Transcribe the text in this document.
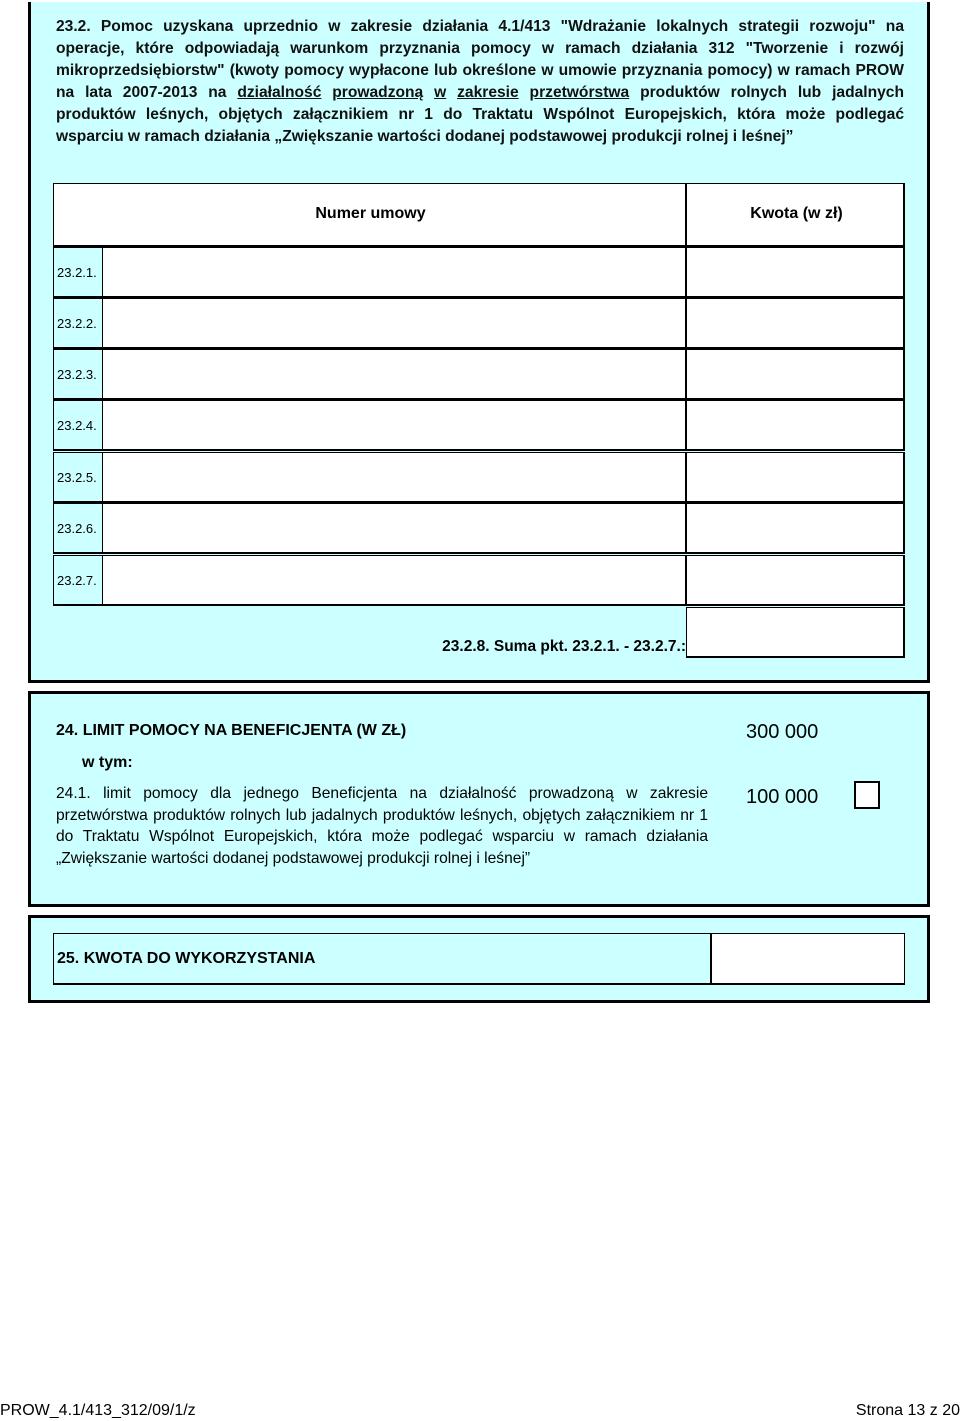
23.2. Pomoc uzyskana uprzednio w zakresie działania 4.1/413 "Wdrażanie lokalnych strategii rozwoju" na operacje, które odpowiadają warunkom przyznania pomocy w ramach działania 312 "Tworzenie i rozwój mikroprzedsiębiorstw" (kwoty pomocy wypłacone lub określone w umowie przyznania pomocy) w ramach PROW na lata 2007-2013 na działalność prowadzoną w zakresie przetwórstwa produktów rolnych lub jadalnych produktów leśnych, objętych załącznikiem nr 1 do Traktatu Wspólnot Europejskich, która może podlegać wsparciu w ramach działania „Zwiększanie wartości dodanej podstawowej produkcji rolnej i leśnej”
Numer umowy	Kwota (w zł)
23.2.1.
23.2.2.
23.2.3.
23.2.4.
23.2.5.
23.2.6.
23.2.7.
23.2.8. Suma pkt. 23.2.1. - 23.2.7.:
24. LIMIT POMOCY NA BENEFICJENTA (W ZŁ)	300 000
w tym:
24.1. limit pomocy dla jednego Beneficjenta na działalność prowadzoną w zakresie przetwórstwa produktów rolnych lub jadalnych produktów leśnych, objętych załącznikiem nr 1 do Traktatu Wspólnot Europejskich, która może podlegać wsparciu w ramach działania „Zwiększanie wartości dodanej podstawowej produkcji rolnej i leśnej”
100 000
25. KWOTA DO WYKORZYSTANIA
PROW_4.1/413_312/09/1/z	Strona 13 z 20
